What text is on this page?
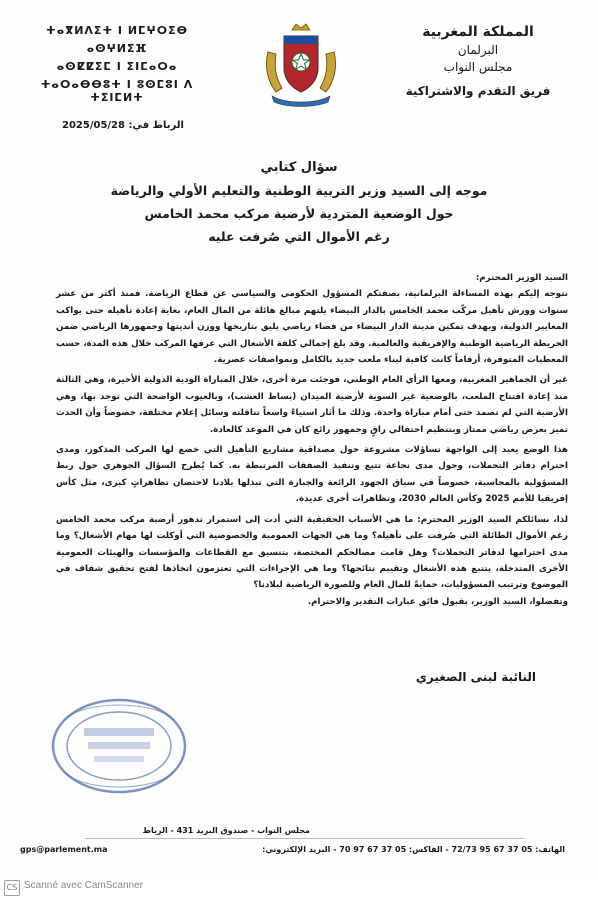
المملكة المغربية
البرلمان
مجلس النواب
فريق التقدم والاشتراكية
ⵜⴰⴳⵍⴷⵉⵜ ⵏ ⵍⵎⵖⵔⵉⴱ
ⴰⵙⵖⵍⵉⴼ
ⴰⵙⵇⵇⵉⵎ ⵏ ⵉⵏⵎⴰⵔⴰ
ⵜⴰⵔⴰⴱⴱⵓⵜ ⵏ ⵓⵙⵎⵓⵏ ⴷ ⵜⵉⵏⵎⵍⵜ
الرباط في: 2025/05/28
سؤال كتابي
موجه إلى السيد وزير التربية الوطنية والتعليم الأولي والرياضة
حول الوضعية المتردية لأرضية مركب محمد الخامس
رغم الأموال التي صُرفت عليه

السيد الوزير المحترم:

نتوجه إليكم بهذه المساءلة البرلمانية، بصفتكم المسؤول الحكومي والسياسي عن قطاع الرياضة. فمنذ أكثر من عشر سنوات وورش تأهيل مركّب محمد الخامس بالدار البيضاء يلتهم مبالغ هائلة من المال العام، بغاية إعادة تأهيله حتى يواكب المعايير الدولية، وبهدف تمكين مدينة الدار البيضاء من فضاء رياضي يليق بتاريخها ووزن أنديتها وجمهورها الرياضي ضمن الخريطة الرياضية الوطنية والإفريقية والعالمية. وقد بلغ إجمالي كلفة الأشغال التي عرفها المركب خلال هذه المدة، حسب المعطيات المتوفرة، أرقاماً كانت كافية لبناء ملعب جديد بالكامل وبمواصفات عصرية.

غير أن الجماهير المغربية، ومعها الرأي العام الوطني، فوجئت مرة أخرى، خلال المباراة الودية الدولية الأخيرة، وهي الثالثة منذ إعادة افتتاح الملعب، بالوضعية غير السوية لأرضية الميدان (بساط العشب)، وبالعيوب الواضحة التي توجد بها، وهي الأرضية التي لم تصمد حتى أمام مباراة واحدة. وذلك ما أثار استياءً واسعاً تناقلته وسائل إعلام مختلفة، خصوصاً وأن الحدث تميز بعرض رياضي ممتاز وبتنظيم احتفالي راقٍ وجمهور رائع كان في الموعد كالعادة.

هذا الوضع يعيد إلى الواجهة تساؤلات مشروعة حول مصداقية مشاريع التأهيل التي خضع لها المركب المذكور، ومدى احترام دفاتر التحملات، وحول مدى نجاعة تتبع وتنفيذ الصفقات المرتبطة به. كما يُطرح السؤال الجوهري حول ربط المسؤولية بالمحاسبة، خصوصاً في سياق الجهود الرائعة والجبارة التي تبذلها بلادنا لاحتضان تظاهراتٍ كبرى، مثل كأس إفريقيا للأمم 2025 وكأس العالم 2030، وتظاهرات أخرى عديدة.

لذا، نسائلكم السيد الوزير المحترم: ما هي الأسباب الحقيقية التي أدت إلى استمرار تدهور أرضية مركب محمد الخامس رغم الأموال الطائلة التي صُرفت على تأهيله؟ وما هي الجهات العمومية والخصوصية التي أوكلت لها مهام الأشغال؟ وما مدى احترامها لدفاتر التحملات؟ وهل قامت مصالحكم المختصة، بتنسيق مع القطاعات والمؤسسات والهيئات العمومية الأخرى المتدخلة، بتتبع هذه الأشغال وتقييم نتائجها؟ وما هي الإجراءات التي تعتزمون اتخاذها لفتح تحقيق شفاف في الموضوع وترتيب المسؤوليات، حمايةً للمال العام وللصورة الرياضية لبلادنا؟

وتفضلوا، السيد الوزير، بقبول فائق عبارات التقدير والاحترام.

النائبة لبنى الصغيري
مجلس النواب - صندوق البريد 431 - الرباط
الهاتف: 05 37 67 95 72/73 - الفاكس: 05 37 67 97 70 - البريد الإلكتروني:
gps@parlement.ma
CS Scanné avec CamScanner
